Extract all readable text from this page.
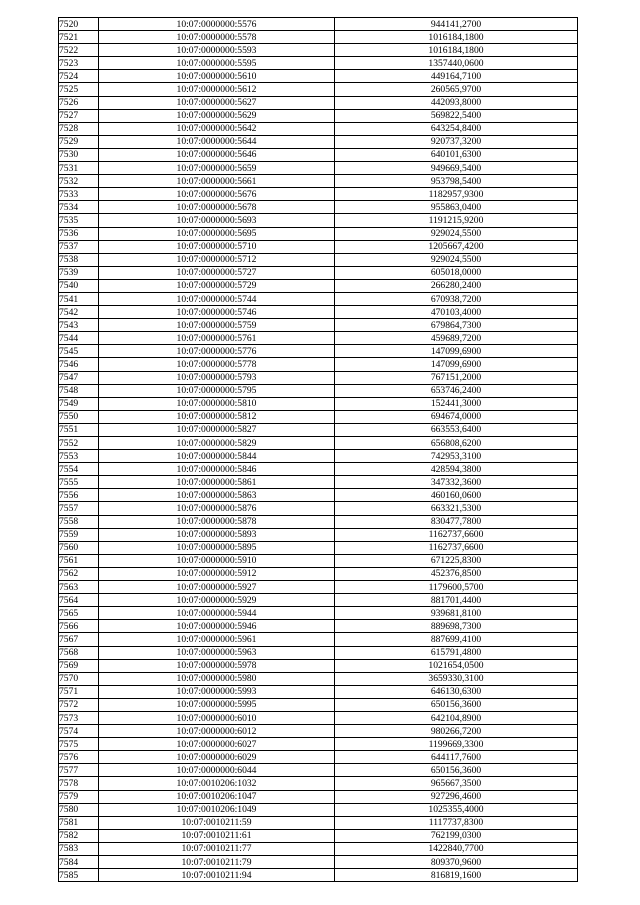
7520	10:07:0000000:5576	944141,2700
7521	10:07:0000000:5578	1016184,1800
7522	10:07:0000000:5593	1016184,1800
7523	10:07:0000000:5595	1357440,0600
7524	10:07:0000000:5610	449164,7100
7525	10:07:0000000:5612	260565,9700
7526	10:07:0000000:5627	442093,8000
7527	10:07:0000000:5629	569822,5400
7528	10:07:0000000:5642	643254,8400
7529	10:07:0000000:5644	920737,3200
7530	10:07:0000000:5646	640101,6300
7531	10:07:0000000:5659	949669,5400
7532	10:07:0000000:5661	953798,5400
7533	10:07:0000000:5676	1182957,9300
7534	10:07:0000000:5678	955863,0400
7535	10:07:0000000:5693	1191215,9200
7536	10:07:0000000:5695	929024,5500
7537	10:07:0000000:5710	1205667,4200
7538	10:07:0000000:5712	929024,5500
7539	10:07:0000000:5727	605018,0000
7540	10:07:0000000:5729	266280,2400
7541	10:07:0000000:5744	670938,7200
7542	10:07:0000000:5746	470103,4000
7543	10:07:0000000:5759	679864,7300
7544	10:07:0000000:5761	459689,7200
7545	10:07:0000000:5776	147099,6900
7546	10:07:0000000:5778	147099,6900
7547	10:07:0000000:5793	767151,2000
7548	10:07:0000000:5795	653746,2400
7549	10:07:0000000:5810	152441,3000
7550	10:07:0000000:5812	694674,0000
7551	10:07:0000000:5827	663553,6400
7552	10:07:0000000:5829	656808,6200
7553	10:07:0000000:5844	742953,3100
7554	10:07:0000000:5846	428594,3800
7555	10:07:0000000:5861	347332,3600
7556	10:07:0000000:5863	460160,0600
7557	10:07:0000000:5876	663321,5300
7558	10:07:0000000:5878	830477,7800
7559	10:07:0000000:5893	1162737,6600
7560	10:07:0000000:5895	1162737,6600
7561	10:07:0000000:5910	671225,8300
7562	10:07:0000000:5912	452376,8500
7563	10:07:0000000:5927	1179600,5700
7564	10:07:0000000:5929	881701,4400
7565	10:07:0000000:5944	939681,8100
7566	10:07:0000000:5946	889698,7300
7567	10:07:0000000:5961	887699,4100
7568	10:07:0000000:5963	615791,4800
7569	10:07:0000000:5978	1021654,0500
7570	10:07:0000000:5980	3659330,3100
7571	10:07:0000000:5993	646130,6300
7572	10:07:0000000:5995	650156,3600
7573	10:07:0000000:6010	642104,8900
7574	10:07:0000000:6012	980266,7200
7575	10:07:0000000:6027	1199669,3300
7576	10:07:0000000:6029	644117,7600
7577	10:07:0000000:6044	650156,3600
7578	10:07:0010206:1032	965667,3500
7579	10:07:0010206:1047	927296,4600
7580	10:07:0010206:1049	1025355,4000
7581	10:07:0010211:59	1117737,8300
7582	10:07:0010211:61	762199,0300
7583	10:07:0010211:77	1422840,7700
7584	10:07:0010211:79	809370,9600
7585	10:07:0010211:94	816819,1600
